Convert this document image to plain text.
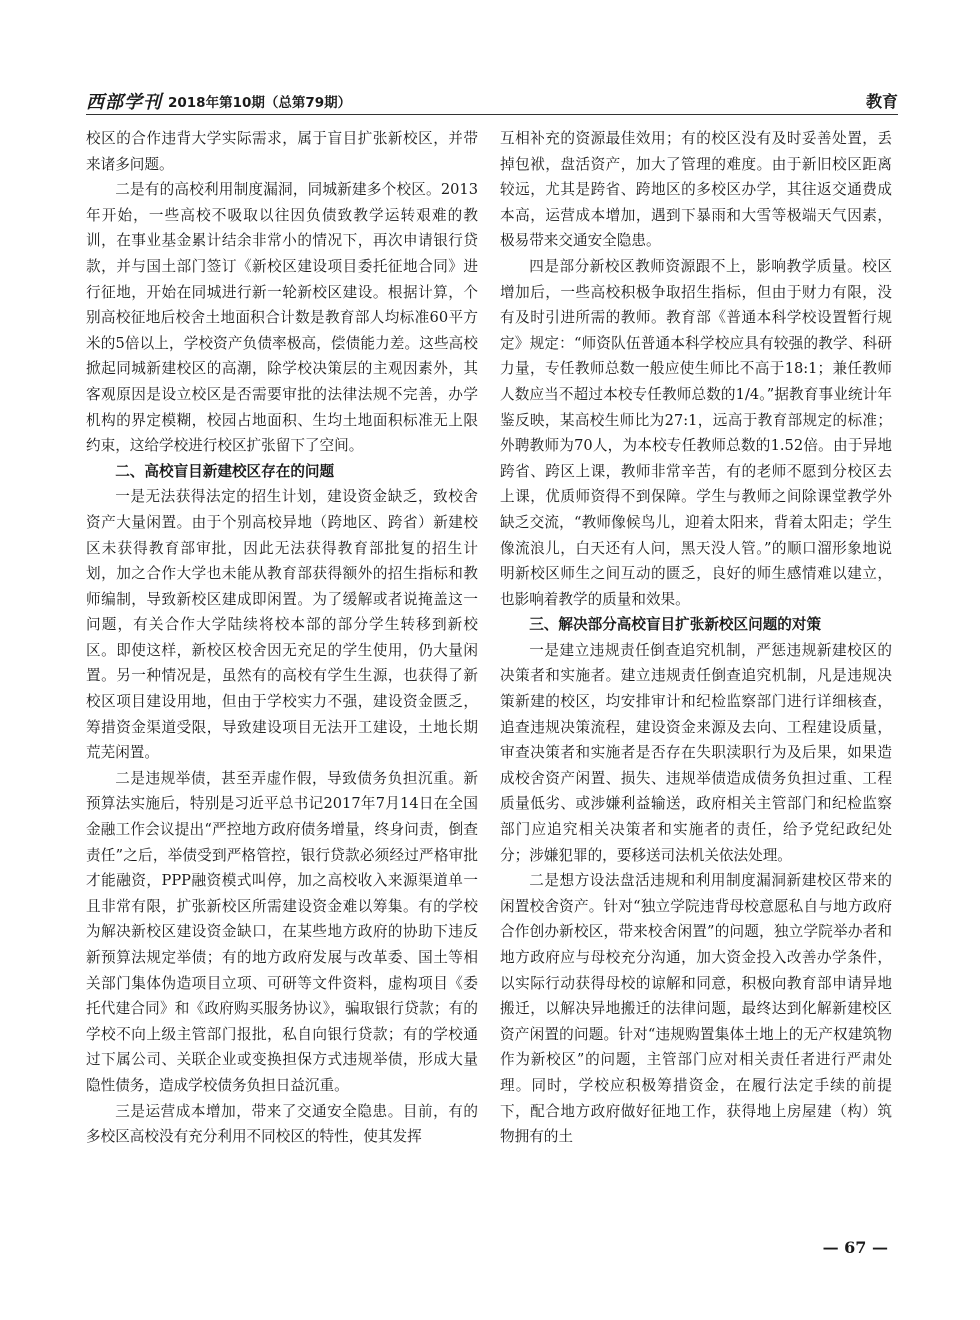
西部学刊 2018年第10期（总第79期）	教育

校区的合作违背大学实际需求，属于盲目扩张新校区，并带来诸多问题。

二是有的高校利用制度漏洞，同城新建多个校区。2013年开始，一些高校不吸取以往因负债致教学运转艰难的教训，在事业基金累计结余非常小的情况下，再次申请银行贷款，并与国土部门签订《新校区建设项目委托征地合同》进行征地，开始在同城进行新一轮新校区建设。根据计算，个别高校征地后校舍土地面积合计数是教育部人均标准60平方米的5倍以上，学校资产负债率极高，偿债能力差。这些高校掀起同城新建校区的高潮，除学校决策层的主观因素外，其客观原因是设立校区是否需要审批的法律法规不完善，办学机构的界定模糊，校园占地面积、生均土地面积标准无上限约束，这给学校进行校区扩张留下了空间。

二、高校盲目新建校区存在的问题

一是无法获得法定的招生计划，建设资金缺乏，致校舍资产大量闲置。由于个别高校异地（跨地区、跨省）新建校区未获得教育部审批，因此无法获得教育部批复的招生计划，加之合作大学也未能从教育部获得额外的招生指标和教师编制，导致新校区建成即闲置。为了缓解或者说掩盖这一问题，有关合作大学陆续将校本部的部分学生转移到新校区。即使这样，新校区校舍因无充足的学生使用，仍大量闲置。另一种情况是，虽然有的高校有学生生源，也获得了新校区项目建设用地，但由于学校实力不强，建设资金匮乏，筹措资金渠道受限，导致建设项目无法开工建设，土地长期荒芜闲置。

二是违规举债，甚至弄虚作假，导致债务负担沉重。新预算法实施后，特别是习近平总书记2017年7月14日在全国金融工作会议提出“严控地方政府债务增量，终身问责，倒查责任”之后，举债受到严格管控，银行贷款必须经过严格审批才能融资，PPP融资模式叫停，加之高校收入来源渠道单一且非常有限，扩张新校区所需建设资金难以筹集。有的学校为解决新校区建设资金缺口，在某些地方政府的协助下违反新预算法规定举债；有的地方政府发展与改革委、国土等相关部门集体伪造项目立项、可研等文件资料，虚构项目《委托代建合同》和《政府购买服务协议》，骗取银行贷款；有的学校不向上级主管部门报批，私自向银行贷款；有的学校通过下属公司、关联企业或变换担保方式违规举债，形成大量隐性债务，造成学校债务负担日益沉重。

三是运营成本增加，带来了交通安全隐患。目前，有的多校区高校没有充分利用不同校区的特性，使其发挥

互相补充的资源最佳效用；有的校区没有及时妥善处置，丢掉包袱，盘活资产，加大了管理的难度。由于新旧校区距离较远，尤其是跨省、跨地区的多校区办学，其往返交通费成本高，运营成本增加，遇到下暴雨和大雪等极端天气因素，极易带来交通安全隐患。

四是部分新校区教师资源跟不上，影响教学质量。校区增加后，一些高校积极争取招生指标，但由于财力有限，没有及时引进所需的教师。教育部《普通本科学校设置暂行规定》规定：“师资队伍普通本科学校应具有较强的教学、科研力量，专任教师总数一般应使生师比不高于18:1；兼任教师人数应当不超过本校专任教师总数的1/4。”据教育事业统计年鉴反映，某高校生师比为27:1，远高于教育部规定的标准；外聘教师为70人，为本校专任教师总数的1.52倍。由于异地跨省、跨区上课，教师非常辛苦，有的老师不愿到分校区去上课，优质师资得不到保障。学生与教师之间除课堂教学外缺乏交流，“教师像候鸟儿，迎着太阳来，背着太阳走；学生像流浪儿，白天还有人问，黑天没人管。”的顺口溜形象地说明新校区师生之间互动的匮乏，良好的师生感情难以建立，也影响着教学的质量和效果。

三、解决部分高校盲目扩张新校区问题的对策

一是建立违规责任倒查追究机制，严惩违规新建校区的决策者和实施者。建立违规责任倒查追究机制，凡是违规决策新建的校区，均安排审计和纪检监察部门进行详细核查，追查违规决策流程，建设资金来源及去向、工程建设质量，审查决策者和实施者是否存在失职渎职行为及后果，如果造成校舍资产闲置、损失、违规举债造成债务负担过重、工程质量低劣、或涉嫌利益输送，政府相关主管部门和纪检监察部门应追究相关决策者和实施者的责任，给予党纪政纪处分；涉嫌犯罪的，要移送司法机关依法处理。

二是想方设法盘活违规和利用制度漏洞新建校区带来的闲置校舍资产。针对“独立学院违背母校意愿私自与地方政府合作创办新校区，带来校舍闲置”的问题，独立学院举办者和地方政府应与母校充分沟通，加大资金投入改善办学条件，以实际行动获得母校的谅解和同意，积极向教育部申请异地搬迁，以解决异地搬迁的法律问题，最终达到化解新建校区资产闲置的问题。针对“违规购置集体土地上的无产权建筑物作为新校区”的问题，主管部门应对相关责任者进行严肃处理。同时，学校应积极筹措资金，在履行法定手续的前提下，配合地方政府做好征地工作，获得地上房屋建（构）筑物拥有的土

— 67 —
